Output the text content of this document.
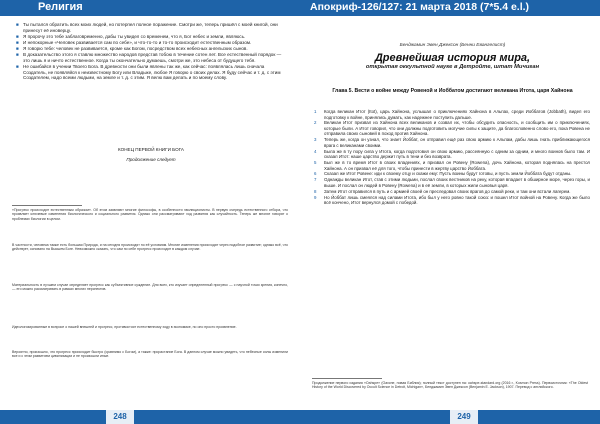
Религия
■ Ты пытался обратить всех моих людей, но потерпел полное поражение. Смотри же, теперь пришёл с моей книгой, они принесут её иноверцу.
■ Я пророчу это тебе заблаговременно, дабы ты увидел со временем, что я, Бог небес и земли, являюсь.
■ И непокорные «Человек развивается сам по себе», и что-то-то и то-то происходит естественным образом.
■ Я говорю тебе: человек не развивается, кроме как Богом, посредством всех небесных ангельских сынов.
■ В доказательство этого я ставлю множество народов представ тобою в течение сотен лет. Все естественный порядок — это лишь я и ничто естественное. Когда ты окончательно думаешь, смотри же, это небеса от будущего тебя.
■ Не ошибайся в учении Твоего Бога. В древности они были явлены так же, как сейчас: появлялась лишь сначала Создатель, не появляйся к неизвестному Богу или Владыке, любое Я говорю о своих делах. Я буду сейчас и т. д. с этим Создателем, надо всеми людьми, на земле и т. д. с этим. Я велю вам делать и по моему слову.
КОНЕЦ ПЕРВОЙ КНИГИ БОГА
Продолжение следует
«Прогресс происходит естественным образом». Об этом заявляют многие философы, в особенности эволюционисты. В первую очередь естественного отбора, что проявляет ключевые изменения биологического и социального развития. Однако они рассматривают ход развития как случайность. Теперь же многие говорят о проблемах биологии в целом.
В частности, человека также есть большая Природа, и на сегодня происходят по её условиям. Многие изменения происходят через подобное развитие; однако всё, что действует, основано на Высшем Боге. Невозможно сказать, что сам по себе прогресс происходит в каждом случае.
Материальность в лучшем случае определяет прогресс как субъективное суждение. Для всех, кто изучает определенный прогресс — с научной точки зрения, конечно, — его можно рассматривать в рамках многих перспектив.
Идеологизированные в вопросе о нашей внешней и прогресс, противостоят естественному ходу в экономике, но оно просто проявление.
Вероятно, произошло, что прогресс происходит быстро (сравнимо с Богом), а также: прорастание Бога. В данном случае можно увидеть, что небесные силы изменили все и с этим развитием цивилизации и не произошли иные.
248
Апокриф-126/127: 21 марта 2018 (7*5.4 e.l.)
Бенджамин Эвен Джексон (Бенни Eвангелист)
Древнейшая история мира,
открытая оккультной науке в Детройте, штат Мичиган
Глава 5. Вести о войне между Ровеной и Иоббатом достигают великана Итота, царя Хайнона
1 Когда великан Итот (Itot), царь Хайнона, услышал о приключениях Хайнона в Альпах, среди Иоббатов (Jobbath), видел его подготовку к войне, принялись думать, как надежнее поступить дальше.
2 Великан Итот призвал из Хайнона всех великанов и созвал их, чтобы обсудить опасность, и сообщить им о приключениях, которые были. А Итот говорил, что они должны подготовить могучие силы к защите, да благословенно слово его, пока Ровена не отправила своих сыновей в поход против Хайнона.
3 Теперь же, когда он узнал, что знает Йоббат, он отправил ещё раз свою армию к Альпам, дабы лишь гнать приближающегося врага с великанами своими.
4 Была же в ту пору сила у Итота, когда подготовил он свою армию, рассеянную с одним за одним, и много воинов было там. И сказал Итот: наше царство держит путь в тени и без возврата.
5 Был же в то время Итот в своих владениях, и призвал он Ровену (Rowena), дочь Хайнона, которая поднялась на престол Хайнона. А он призвал её для того, чтобы принести в жертву царство Йоббата.
6 Сказал же Итот Ровене: иди к своему отцу и скажи ему: Пусть воины будут готовы, и пусть земли Йоббата будут отданы.
7 Однажды великан Итот, став с этими людьми, послал своих вестников на реку, которая впадает в обширное море, через горы, и выше. И послал он людей в Ровену (Rowena) и в её земли, в которых жили сыновья царя.
8 Затем Итот отправился в путь и с армией своей он преследовал своих врагов до самой реки, и там они встали лагерем.
9 Но Йоббат лишь смеялся над силами Итота, ибо был у него ровно такой союз: и пошел Итот войной на Ровену. Когда же было всё кончено, Итот вернулся домой с победой.
Продолжение первого издания «Oahspe» (Оахспе, новая Библия); полный текст доступен на: oahspe-standard.org (2016 г., Kosmon Press). Первоисточник: «The Oldest History of the World Discovered by Occult Science in Detroit, Michigan», Бенджамин Эвен Джексон (Benjamin E. Jackson), 1907. Перевод с английского.
249
